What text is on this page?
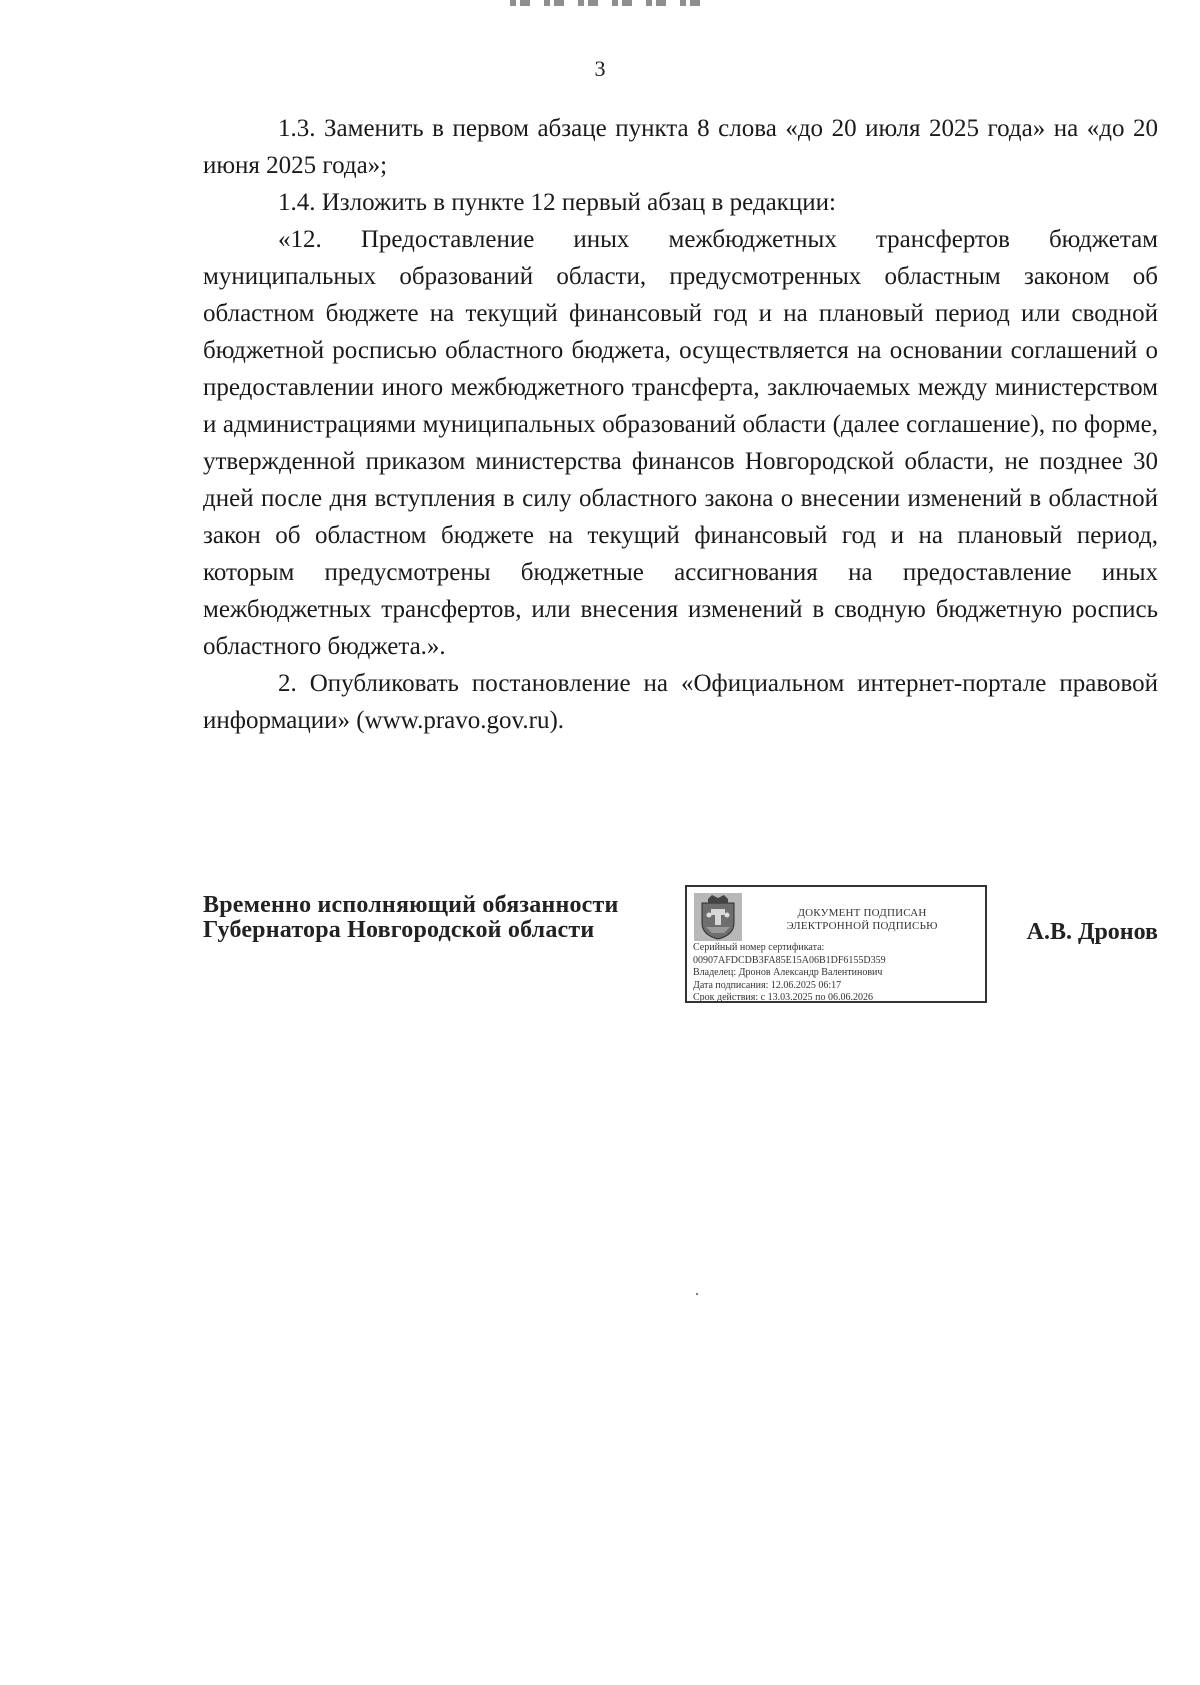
3

1.3. Заменить в первом абзаце пункта 8 слова «до 20 июля 2025 года» на «до 20 июня 2025 года»;

1.4. Изложить в пункте 12 первый абзац в редакции:

«12. Предоставление иных межбюджетных трансфертов бюджетам муниципальных образований области, предусмотренных областным законом об областном бюджете на текущий финансовый год и на плановый период или сводной бюджетной росписью областного бюджета, осуществляется на основании соглашений о предоставлении иного межбюджетного трансферта, заключаемых между министерством и администрациями муниципальных образований области (далее соглашение), по форме, утвержденной приказом министерства финансов Новгородской области, не позднее 30 дней после дня вступления в силу областного закона о внесении изменений в областной закон об областном бюджете на текущий финансовый год и на плановый период, которым предусмотрены бюджетные ассигнования на предоставление иных межбюджетных трансфертов, или внесения изменений в сводную бюджетную роспись областного бюджета.».

2. Опубликовать постановление на «Официальном интернет-портале правовой информации» (www.pravo.gov.ru).

Временно исполняющий обязанности
Губернатора Новгородской области
ДОКУМЕНТ ПОДПИСАН
ЭЛЕКТРОННОЙ ПОДПИСЬЮ
Серийный номер сертификата:
00907AFDCDB3FA85E15A06B1DF6155D359
Владелец: Дронов Александр Валентинович
Дата подписания: 12.06.2025 06:17
Срок действия: с 13.03.2025 по 06.06.2026
А.В. Дронов
